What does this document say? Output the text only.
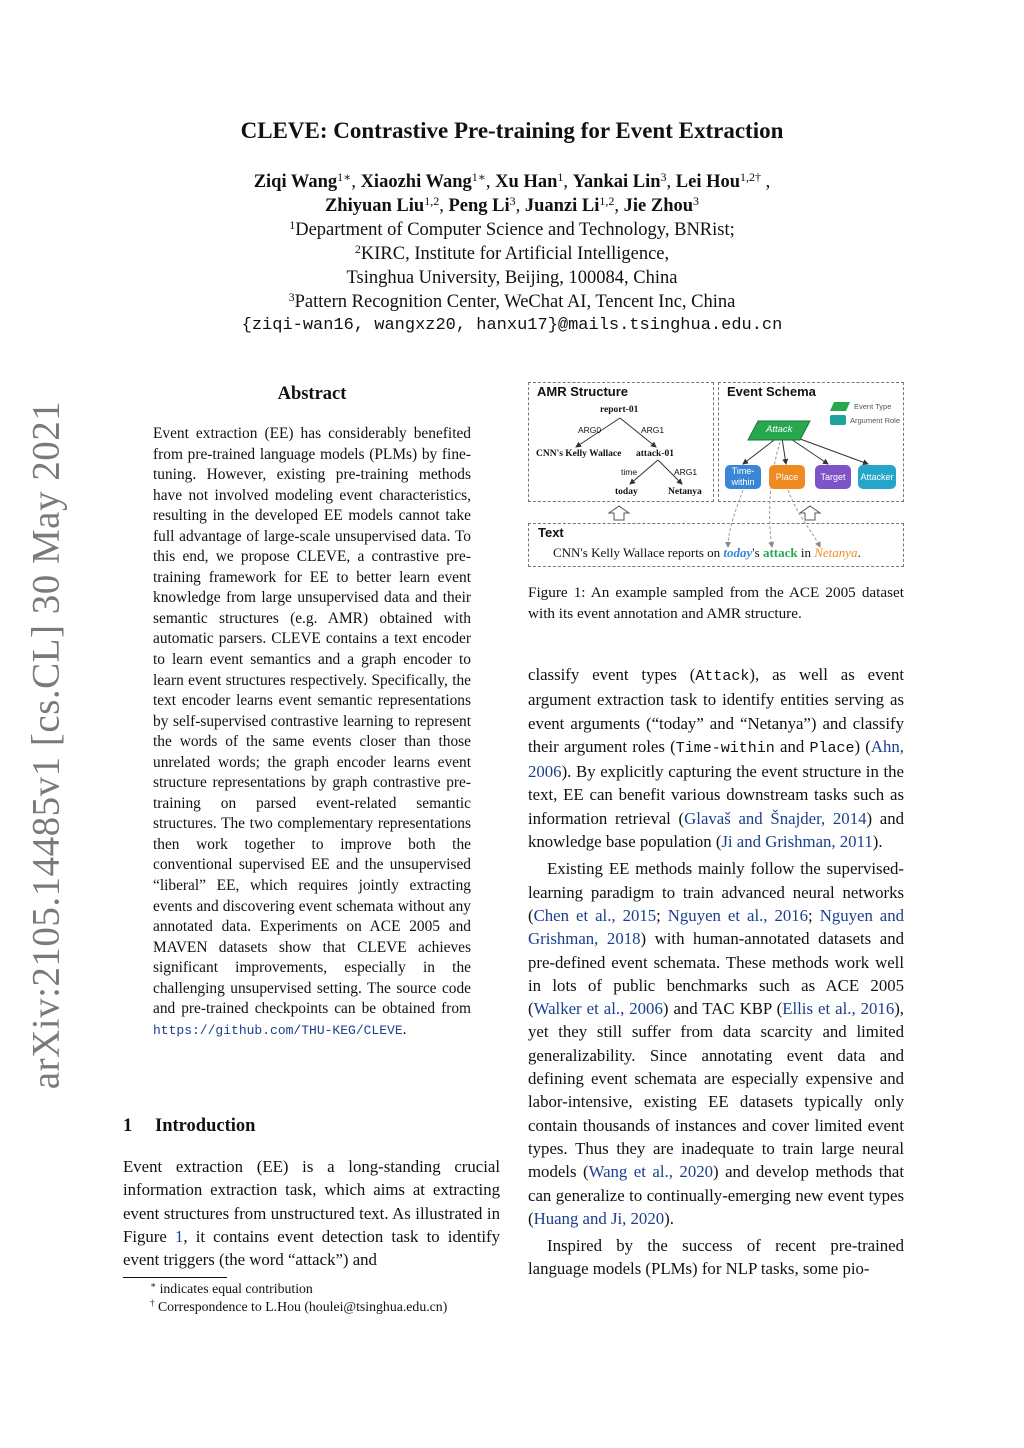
arXiv:2105.14485v1 [cs.CL] 30 May 2021
CLEVE: Contrastive Pre-training for Event Extraction
Ziqi Wang$^{1∗}$, Xiaozhi Wang$^{1∗}$, Xu Han$^1$, Yankai Lin$^3$, Lei Hou$^{1,2\dagger}$ ,
Zhiyuan Liu$^{1,2}$, Peng Li$^3$, Juanzi Li$^{1,2}$, Jie Zhou$^3$
$^1$Department of Computer Science and Technology, BNRist;
$^2$KIRC, Institute for Artificial Intelligence,
Tsinghua University, Beijing, 100084, China
$^3$Pattern Recognition Center, WeChat AI, Tencent Inc, China
{ziqi-wan16, wangxz20, hanxu17}@mails.tsinghua.edu.cn
Abstract
Event extraction (EE) has considerably benefited from pre-trained language models (PLMs) by fine-tuning. However, existing pre-training methods have not involved modeling event characteristics, resulting in the developed EE models cannot take full advantage of large-scale unsupervised data. To this end, we propose CLEVE, a contrastive pre-training framework for EE to better learn event knowledge from large unsupervised data and their semantic structures (e.g. AMR) obtained with automatic parsers. CLEVE contains a text encoder to learn event semantics and a graph encoder to learn event structures respectively. Specifically, the text encoder learns event semantic representations by self-supervised contrastive learning to represent the words of the same events closer than those unrelated words; the graph encoder learns event structure representations by graph contrastive pre-training on parsed event-related semantic structures. The two complementary representations then work together to improve both the conventional supervised EE and the unsupervised “liberal” EE, which requires jointly extracting events and discovering event schemata without any annotated data. Experiments on ACE 2005 and MAVEN datasets show that CLEVE achieves significant improvements, especially in the challenging unsupervised setting. The source code and pre-trained checkpoints can be obtained from https://github.com/THU-KEG/CLEVE.
1 Introduction
Event extraction (EE) is a long-standing crucial information extraction task, which aims at extracting event structures from unstructured text. As illustrated in Figure 1, it contains event detection task to identify event triggers (the word “attack”) and
∗ indicates equal contribution
† Correspondence to L.Hou (houlei@tsinghua.edu.cn)
AMR Structure	Event Schema
Text
report-01
ARG0	ARG1
CNN's Kelly Wallace attack-01
time	ARG1
today	Netanya
Event Type
Argument Role
Attack
Time-within
Place	Target	Attacker
CNN's Kelly Wallace reports on today's attack in Netanya.
Figure 1: An example sampled from the ACE 2005 dataset with its event annotation and AMR structure.

classify event types (Attack), as well as event argument extraction task to identify entities serving as event arguments (“today” and “Netanya”) and classify their argument roles (Time-within and Place) (Ahn, 2006). By explicitly capturing the event structure in the text, EE can benefit various downstream tasks such as information retrieval (Glavaš and Šnajder, 2014) and knowledge base population (Ji and Grishman, 2011).

Existing EE methods mainly follow the supervised-learning paradigm to train advanced neural networks (Chen et al., 2015; Nguyen et al., 2016; Nguyen and Grishman, 2018) with human-annotated datasets and pre-defined event schemata. These methods work well in lots of public benchmarks such as ACE 2005 (Walker et al., 2006) and TAC KBP (Ellis et al., 2016), yet they still suffer from data scarcity and limited generalizability. Since annotating event data and defining event schemata are especially expensive and labor-intensive, existing EE datasets typically only contain thousands of instances and cover limited event types. Thus they are inadequate to train large neural models (Wang et al., 2020) and develop methods that can generalize to continually-emerging new event types (Huang and Ji, 2020).

Inspired by the success of recent pre-trained language models (PLMs) for NLP tasks, some pio-
